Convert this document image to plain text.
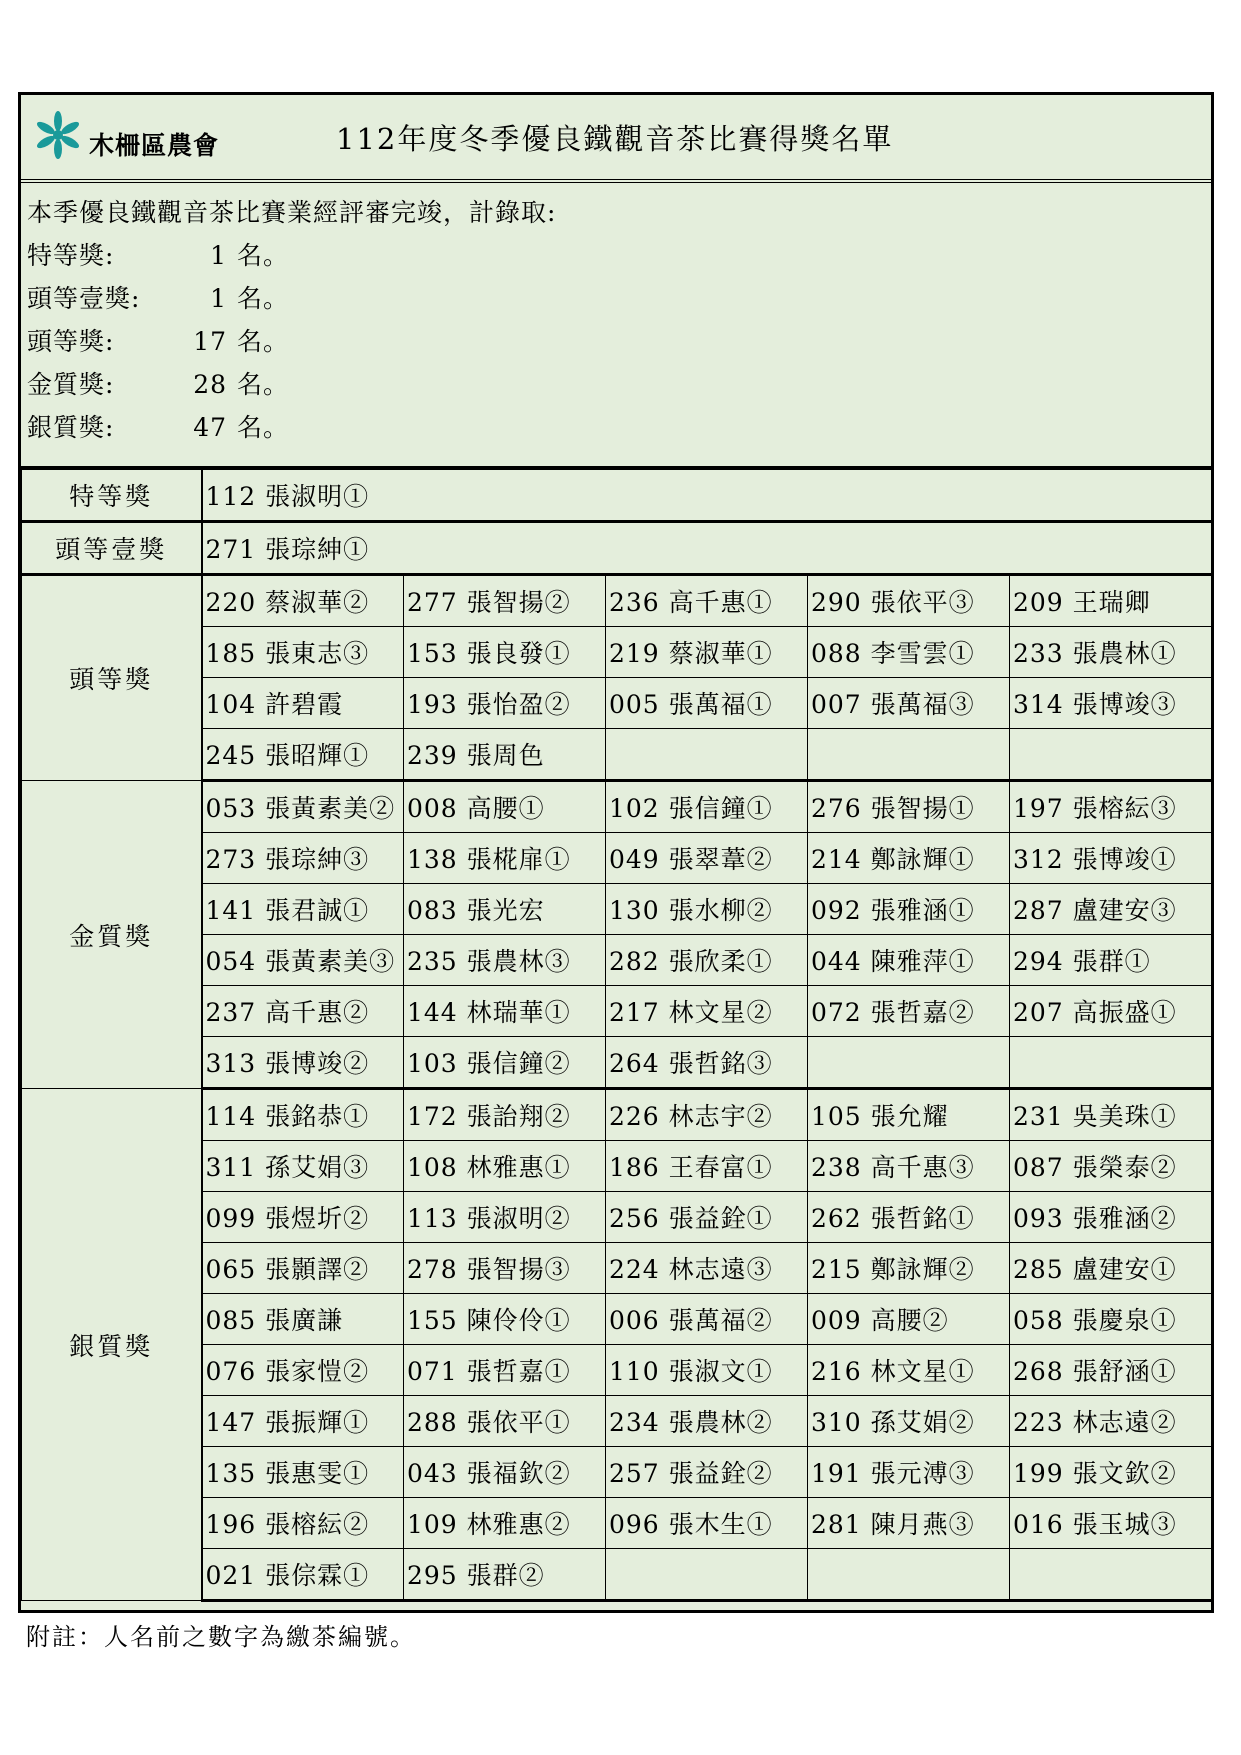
木柵區農會	112年度冬季優良鐵觀音茶比賽得獎名單
本季優良鐵觀音茶比賽業經評審完竣，計錄取:
特等獎:	1 名。
頭等壹獎:	1 名。
頭等獎:	17 名。
金質獎:	28 名。
銀質獎:	47 名。
特等獎	112 張淑明①				
頭等壹獎	271 張琮紳①				
頭等獎	220 蔡淑華②	277 張智揚②	236 高千惠①	290 張依平③	209 王瑞卿
	185 張東志③	153 張良發①	219 蔡淑華①	088 李雪雲①	233 張農林①
	104 許碧霞	193 張怡盈②	005 張萬福①	007 張萬福③	314 張博竣③
	245 張昭輝①	239 張周色			
金質獎	053 張黃素美②	008 高腰①	102 張信鐘①	276 張智揚①	197 張榕紜③
	273 張琮紳③	138 張椛扉①	049 張翠葦②	214 鄭詠輝①	312 張博竣①
	141 張君誠①	083 張光宏	130 張水柳②	092 張雅涵①	287 盧建安③
	054 張黃素美③	235 張農林③	282 張欣柔①	044 陳雅萍①	294 張群①
	237 高千惠②	144 林瑞華①	217 林文星②	072 張哲嘉②	207 高振盛①
	313 張博竣②	103 張信鐘②	264 張哲銘③		
銀質獎	114 張銘恭①	172 張詒翔②	226 林志宇②	105 張允耀	231 吳美珠①
	311 孫艾娟③	108 林雅惠①	186 王春富①	238 高千惠③	087 張榮泰②
	099 張煜圻②	113 張淑明②	256 張益銓①	262 張哲銘①	093 張雅涵②
	065 張顥譯②	278 張智揚③	224 林志遠③	215 鄭詠輝②	285 盧建安①
	085 張廣謙	155 陳伶伶①	006 張萬福②	009 高腰②	058 張慶泉①
	076 張家愷②	071 張哲嘉①	110 張淑文①	216 林文星①	268 張舒涵①
	147 張振輝①	288 張依平①	234 張農林②	310 孫艾娟②	223 林志遠②
	135 張惠雯①	043 張福欽②	257 張益銓②	191 張元溥③	199 張文欽②
	196 張榕紜②	109 林雅惠②	096 張木生①	281 陳月燕③	016 張玉城③
	021 張倧霖①	295 張群②			
附註：人名前之數字為繳茶編號。
